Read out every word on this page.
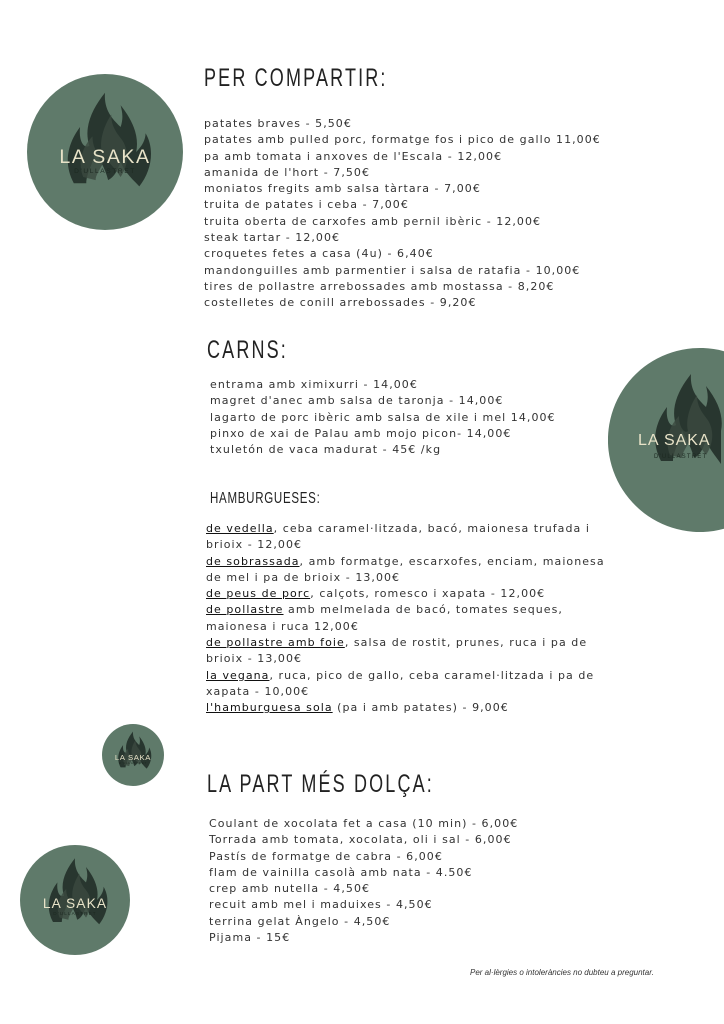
LA SAKA
D'ULLASTRET
LA SAKA
D'ULLASTRET
LA SAKA
D'ULLASTRET
LA SAKA
D'ULLASTRET
PER COMPARTIR:
patates braves - 5,50€
patates amb pulled porc, formatge fos i pico de gallo 11,00€
pa amb tomata i anxoves de l'Escala - 12,00€
amanida de l'hort - 7,50€
moniatos fregits amb salsa tàrtara - 7,00€
truita de patates i ceba - 7,00€
truita oberta de carxofes amb pernil ibèric - 12,00€
steak tartar - 12,00€
croquetes fetes a casa (4u) - 6,40€
mandonguilles amb parmentier i salsa de ratafia - 10,00€
tires de pollastre arrebossades amb mostassa - 8,20€
costelletes de conill arrebossades - 9,20€
CARNS:
entrama amb ximixurri - 14,00€
magret d'anec amb salsa de taronja - 14,00€
lagarto de porc ibèric amb salsa de xile i mel 14,00€
pinxo de xai de Palau amb mojo picon- 14,00€
txuletón de vaca madurat - 45€ /kg
HAMBURGUESES:
de vedella, ceba caramel·litzada, bacó, maionesa trufada i brioix - 12,00€
de sobrassada, amb formatge, escarxofes, enciam, maionesa de mel i pa de brioix - 13,00€
de peus de porc, calçots, romesco i xapata - 12,00€
de pollastre amb melmelada de bacó, tomates seques, maionesa i ruca 12,00€
de pollastre amb foie, salsa de rostit, prunes, ruca i pa de brioix - 13,00€
la vegana, ruca, pico de gallo, ceba caramel·litzada i pa de xapata - 10,00€
l'hamburguesa sola (pa i amb patates) - 9,00€
LA PART MÉS DOLÇA:
Coulant de xocolata fet a casa (10 min) - 6,00€
Torrada amb tomata, xocolata, oli i sal - 6,00€
Pastís de formatge de cabra - 6,00€
flam de vainilla casolà amb nata - 4.50€
crep amb nutella - 4,50€
recuit amb mel i maduixes - 4,50€
terrina gelat Àngelo - 4,50€
Pijama - 15€
Per al·lèrgies o intoleràncies no dubteu a preguntar.
